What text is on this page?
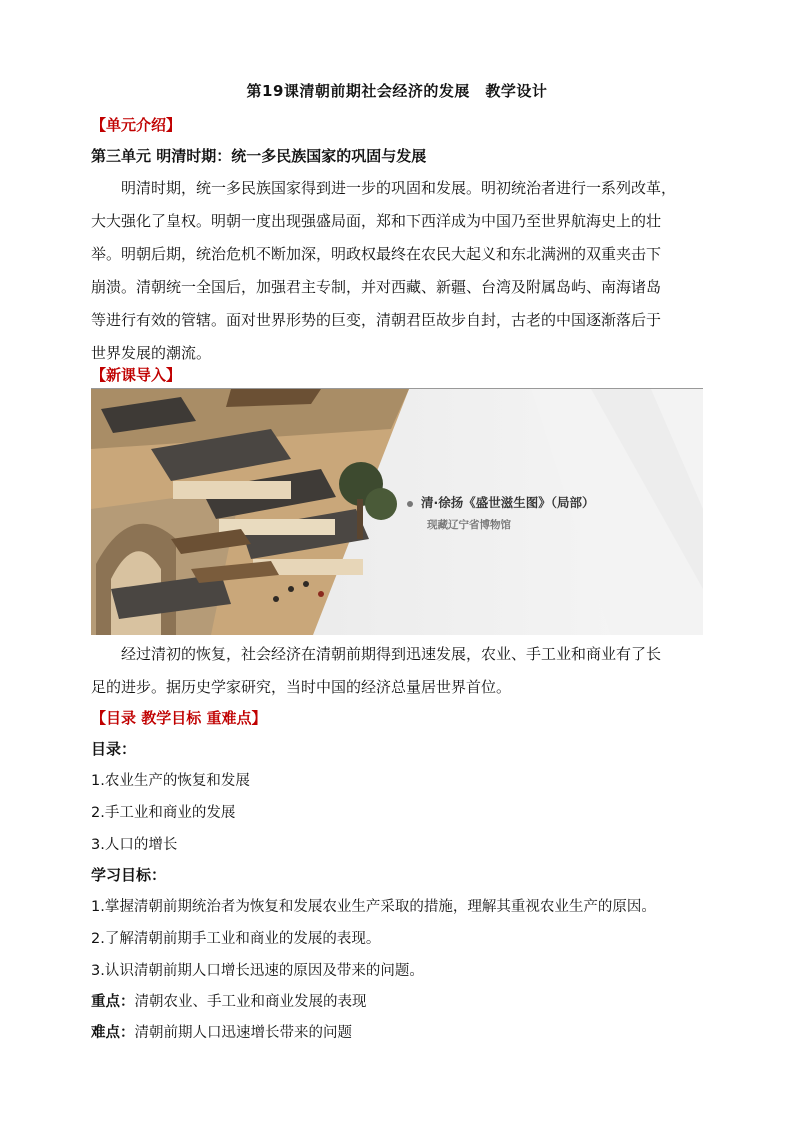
第19课清朝前期社会经济的发展　教学设计
【单元介绍】
第三单元 明清时期：统一多民族国家的巩固与发展
明清时期，统一多民族国家得到进一步的巩固和发展。明初统治者进行一系列改革，
大大强化了皇权。明朝一度出现强盛局面，郑和下西洋成为中国乃至世界航海史上的壮
举。明朝后期，统治危机不断加深，明政权最终在农民大起义和东北满洲的双重夹击下
崩溃。清朝统一全国后，加强君主专制，并对西藏、新疆、台湾及附属岛屿、南海诸岛
等进行有效的管辖。面对世界形势的巨变，清朝君臣故步自封，古老的中国逐渐落后于
世界发展的潮流。
【新课导入】
清·徐扬《盛世滋生图》（局部）
现藏辽宁省博物馆
经过清初的恢复，社会经济在清朝前期得到迅速发展，农业、手工业和商业有了长
足的进步。据历史学家研究，当时中国的经济总量居世界首位。
【目录 教学目标 重难点】
目录：
1.农业生产的恢复和发展
2.手工业和商业的发展
3.人口的增长
学习目标：
1.掌握清朝前期统治者为恢复和发展农业生产采取的措施，理解其重视农业生产的原因。
2.了解清朝前期手工业和商业的发展的表现。
3.认识清朝前期人口增长迅速的原因及带来的问题。
重点：清朝农业、手工业和商业发展的表现
难点：清朝前期人口迅速增长带来的问题
